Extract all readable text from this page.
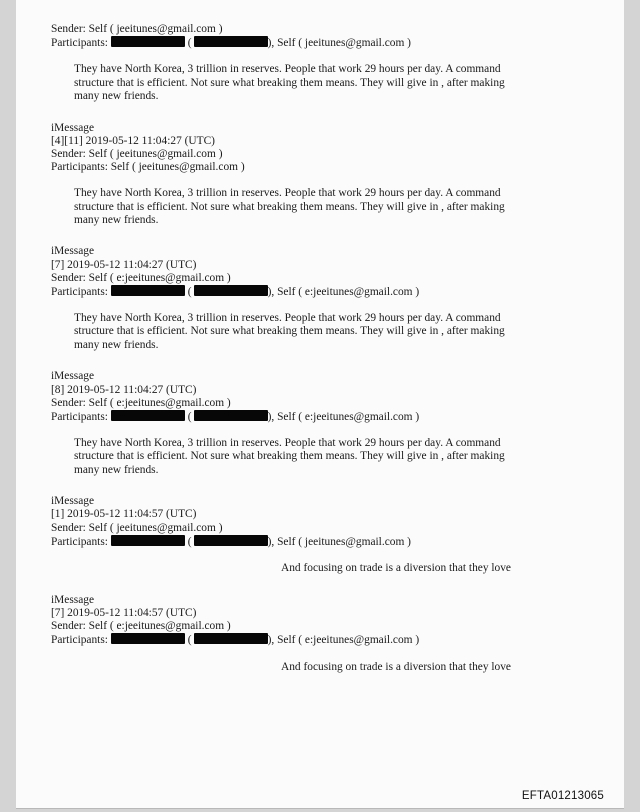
Sender: Self ( jeeitunes@gmail.com )
Participants:	(	), Self ( jeeitunes@gmail.com )
They have North Korea, 3 trillion in reserves. People that work 29 hours per day. A command structure that is efficient. Not sure what breaking them means. They will give in , after making many new friends.
iMessage
[4][11] 2019-05-12 11:04:27 (UTC)
Sender: Self ( jeeitunes@gmail.com )
Participants: Self ( jeeitunes@gmail.com )
They have North Korea, 3 trillion in reserves. People that work 29 hours per day. A command structure that is efficient. Not sure what breaking them means. They will give in , after making many new friends.
iMessage
[7] 2019-05-12 11:04:27 (UTC)
Sender: Self ( e:jeeitunes@gmail.com )
Participants:	(	), Self ( e:jeeitunes@gmail.com )
They have North Korea, 3 trillion in reserves. People that work 29 hours per day. A command structure that is efficient. Not sure what breaking them means. They will give in , after making many new friends.
iMessage
[8] 2019-05-12 11:04:27 (UTC)
Sender: Self ( e:jeeitunes@gmail.com )
Participants:	(	), Self ( e:jeeitunes@gmail.com )
They have North Korea, 3 trillion in reserves. People that work 29 hours per day. A command structure that is efficient. Not sure what breaking them means. They will give in , after making many new friends.
iMessage
[1] 2019-05-12 11:04:57 (UTC)
Sender: Self ( jeeitunes@gmail.com )
Participants:	(	), Self ( jeeitunes@gmail.com )
And focusing on trade is a diversion that they love
iMessage
[7] 2019-05-12 11:04:57 (UTC)
Sender: Self ( e:jeeitunes@gmail.com )
Participants:	(	), Self ( e:jeeitunes@gmail.com )
And focusing on trade is a diversion that they love
EFTA01213065
